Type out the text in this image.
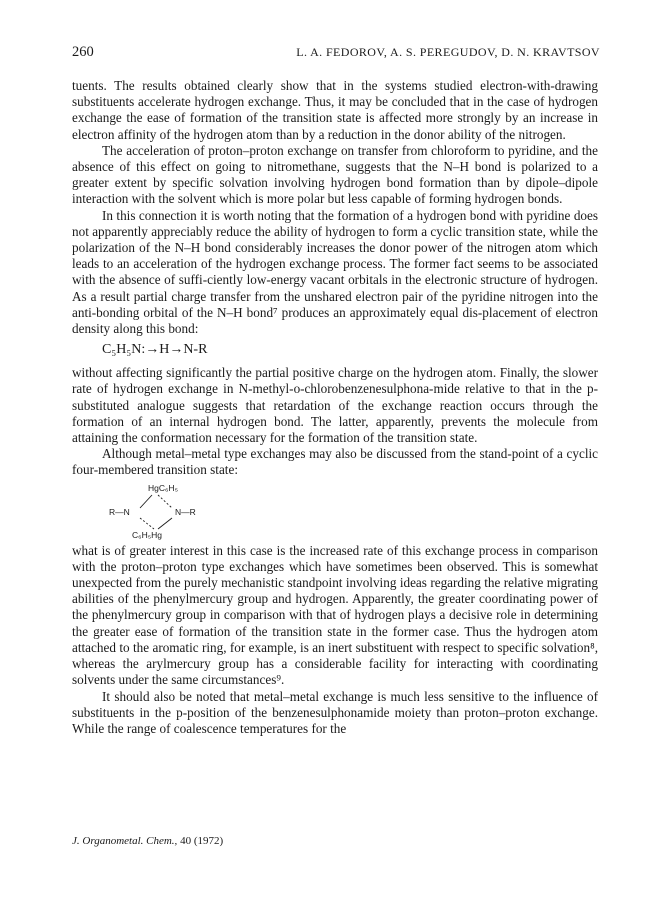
260	L. A. FEDOROV, A. S. PEREGUDOV, D. N. KRAVTSOV

tuents. The results obtained clearly show that in the systems studied electron-with-drawing substituents accelerate hydrogen exchange. Thus, it may be concluded that in the case of hydrogen exchange the ease of formation of the transition state is affected more strongly by an increase in electron affinity of the hydrogen atom than by a reduction in the donor ability of the nitrogen.

The acceleration of proton–proton exchange on transfer from chloroform to pyridine, and the absence of this effect on going to nitromethane, suggests that the N–H bond is polarized to a greater extent by specific solvation involving hydrogen bond formation than by dipole–dipole interaction with the solvent which is more polar but less capable of forming hydrogen bonds.

In this connection it is worth noting that the formation of a hydrogen bond with pyridine does not apparently appreciably reduce the ability of hydrogen to form a cyclic transition state, while the polarization of the N–H bond considerably increases the donor power of the nitrogen atom which leads to an acceleration of the hydrogen exchange process. The former fact seems to be associated with the absence of suffi-ciently low-energy vacant orbitals in the electronic structure of hydrogen. As a result partial charge transfer from the unshared electron pair of the pyridine nitrogen into the anti-bonding orbital of the N–H bond⁷ produces an approximately equal dis-placement of electron density along this bond:

C₅H₅N:→H→N-R

without affecting significantly the partial positive charge on the hydrogen atom. Finally, the slower rate of hydrogen exchange in N-methyl-o-chlorobenzenesulphona-mide relative to that in the p-substituted analogue suggests that retardation of the exchange reaction occurs through the formation of an internal hydrogen bond. The latter, apparently, prevents the molecule from attaining the conformation necessary for the formation of the transition state.

Although metal–metal type exchanges may also be discussed from the stand-point of a cyclic four-membered transition state:

HgC₆H₅
R—N	N—R
C₆H₅Hg

what is of greater interest in this case is the increased rate of this exchange process in comparison with the proton–proton type exchanges which have sometimes been observed. This is somewhat unexpected from the purely mechanistic standpoint involving ideas regarding the relative migrating abilities of the phenylmercury group and hydrogen. Apparently, the greater coordinating power of the phenylmercury group in comparison with that of hydrogen plays a decisive role in determining the greater ease of formation of the transition state in the former case. Thus the hydrogen atom attached to the aromatic ring, for example, is an inert substituent with respect to specific solvation⁸, whereas the arylmercury group has a considerable facility for interacting with coordinating solvents under the same circumstances⁹.

It should also be noted that metal–metal exchange is much less sensitive to the influence of substituents in the p-position of the benzenesulphonamide moiety than proton–proton exchange. While the range of coalescence temperatures for the

J. Organometal. Chem., 40 (1972)
